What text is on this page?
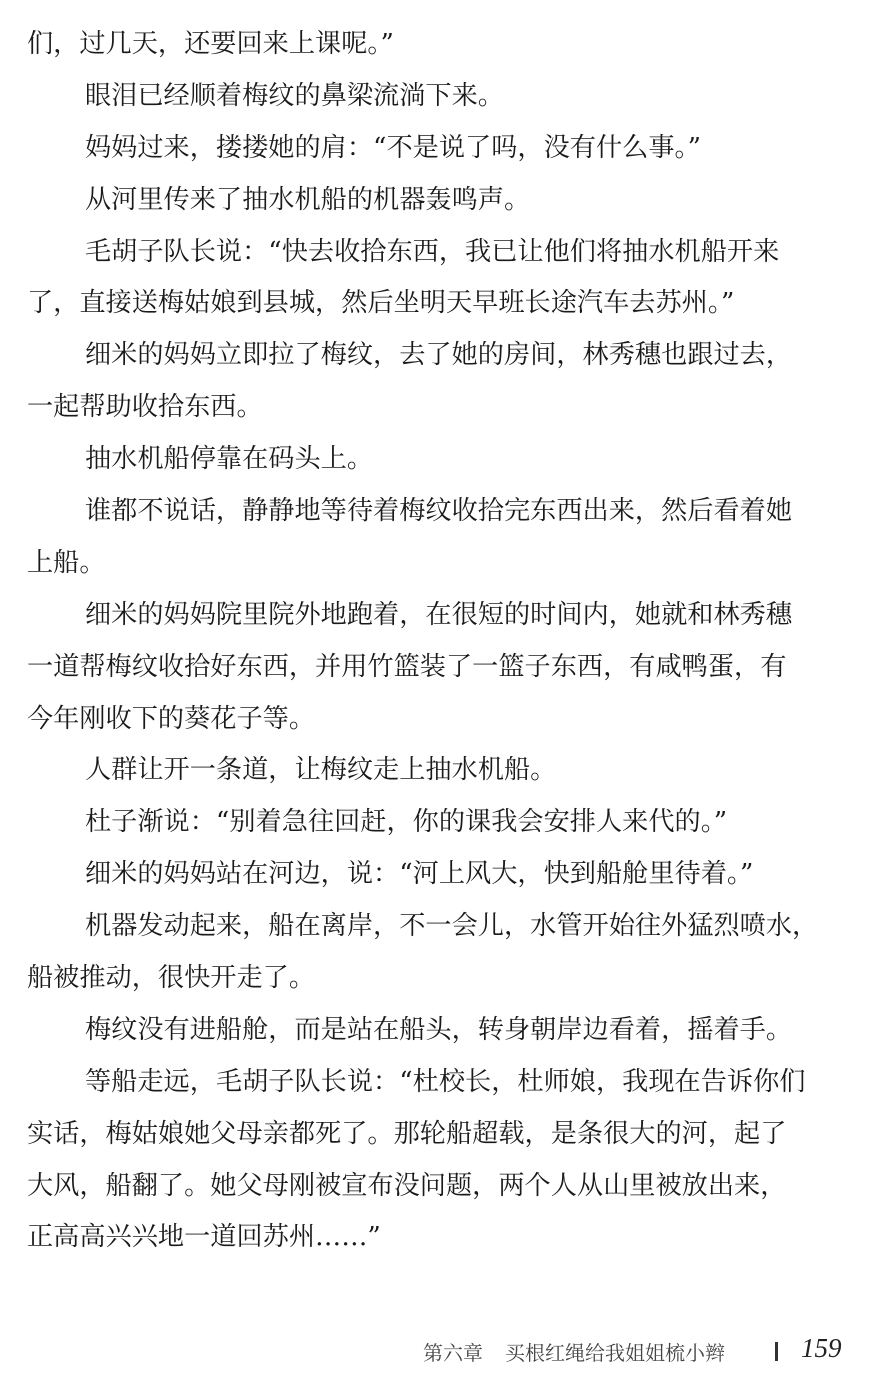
们，过几天，还要回来上课呢。”
眼泪已经顺着梅纹的鼻梁流淌下来。
妈妈过来，搂搂她的肩：“不是说了吗，没有什么事。”
从河里传来了抽水机船的机器轰鸣声。
毛胡子队长说：“快去收拾东西，我已让他们将抽水机船开来
了，直接送梅姑娘到县城，然后坐明天早班长途汽车去苏州。”
细米的妈妈立即拉了梅纹，去了她的房间，林秀穗也跟过去，
一起帮助收拾东西。
抽水机船停靠在码头上。
谁都不说话，静静地等待着梅纹收拾完东西出来，然后看着她
上船。
细米的妈妈院里院外地跑着，在很短的时间内，她就和林秀穗
一道帮梅纹收拾好东西，并用竹篮装了一篮子东西，有咸鸭蛋，有
今年刚收下的葵花子等。
人群让开一条道，让梅纹走上抽水机船。
杜子渐说：“别着急往回赶，你的课我会安排人来代的。”
细米的妈妈站在河边，说：“河上风大，快到船舱里待着。”
机器发动起来，船在离岸，不一会儿，水管开始往外猛烈喷水，
船被推动，很快开走了。
梅纹没有进船舱，而是站在船头，转身朝岸边看着，摇着手。
等船走远，毛胡子队长说：“杜校长，杜师娘，我现在告诉你们
实话，梅姑娘她父母亲都死了。那轮船超载，是条很大的河，起了
大风，船翻了。她父母刚被宣布没问题，两个人从山里被放出来，
正高高兴兴地一道回苏州……”
第六章 买根红绳给我姐姐梳小辫	159
